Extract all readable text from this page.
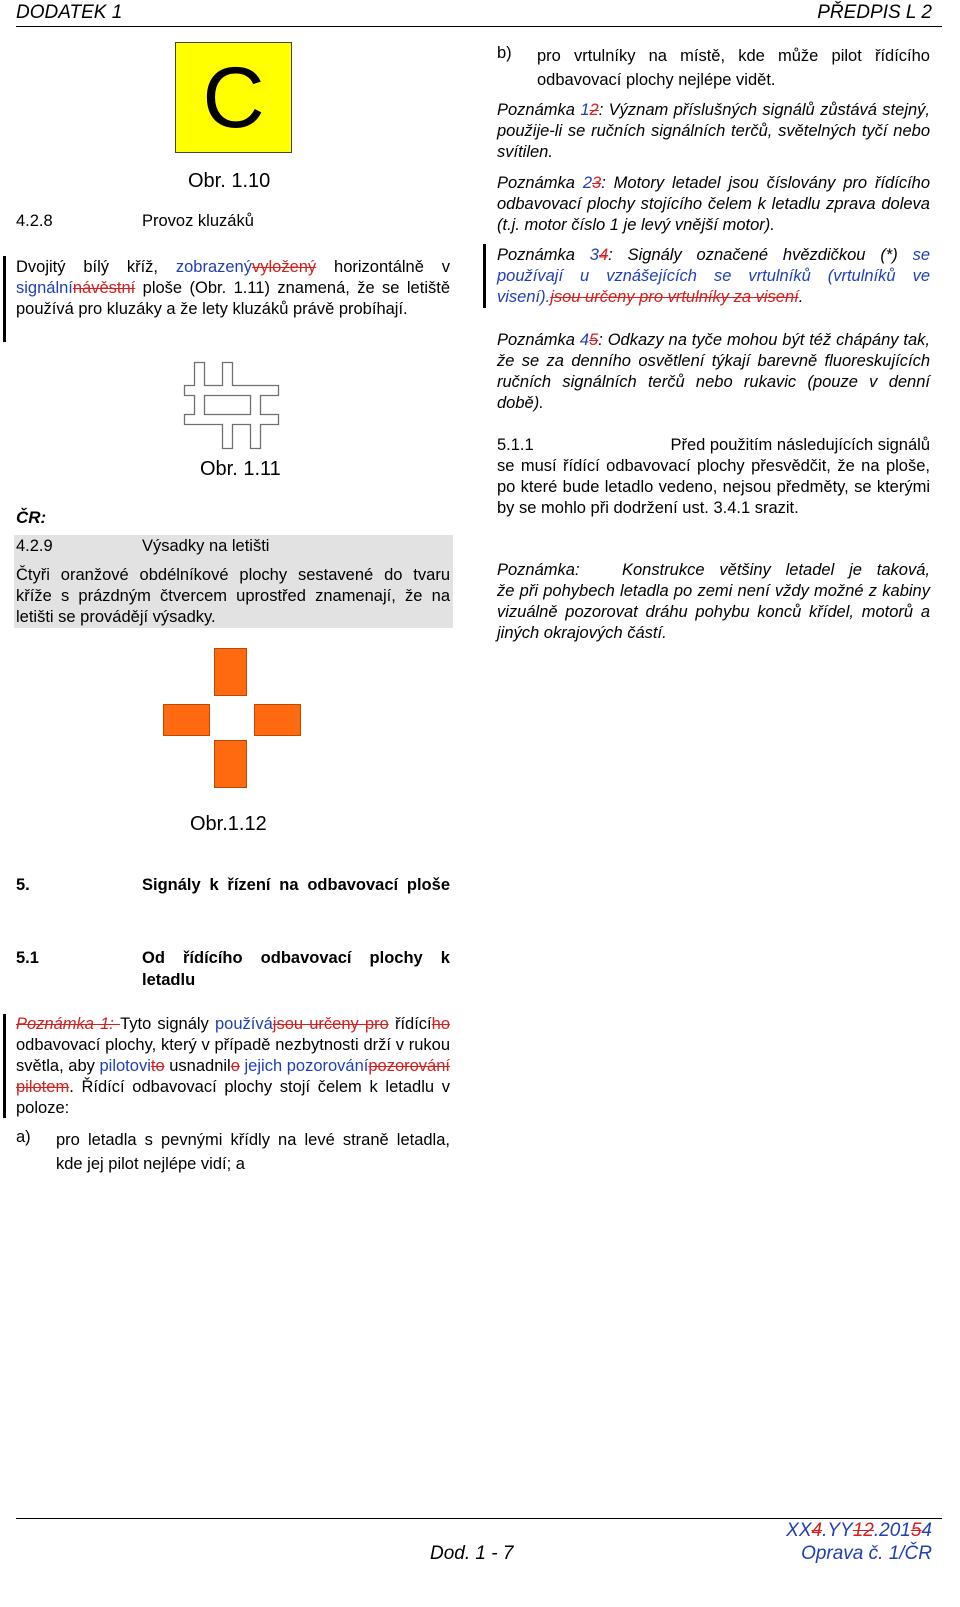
DODATEK 1	PŘEDPIS L 2
C
Obr. 1.10
4.2.8	Provoz kluzáků
Dvojitý bílý kříž, zobrazenývyložený horizontálně v signálnínávěstní ploše (Obr. 1.11) znamená, že se letiště používá pro kluzáky a že lety kluzáků právě probíhají.
Obr. 1.11
ČR:
4.2.9	Výsadky na letišti
Čtyři oranžové obdélníkové plochy sestavené do tvaru kříže s prázdným čtvercem uprostřed znamenají, že na letišti se provádějí výsadky.
Obr.1.12
5.	Signály k řízení na odbavovací ploše
5.1	Od řídícího odbavovací plochy k letadlu
Poznámka 1: Tyto signály používájsou určeny pro řídícího odbavovací plochy, který v případě nezbytnosti drží v rukou světla, aby pilotovito usnadnilo jejich pozorovánípozorování pilotem. Řídící odbavovací plochy stojí čelem k letadlu v poloze:
a) pro letadla s pevnými křídly na levé straně letadla, kde jej pilot nejlépe vidí; a
b) pro vrtulníky na místě, kde může pilot řídícího odbavovací plochy nejlépe vidět.
Poznámka 12: Význam příslušných signálů zůstává stejný, použije-li se ručních signálních terčů, světelných tyčí nebo svítilen.
Poznámka 23: Motory letadel jsou číslovány pro řídícího odbavovací plochy stojícího čelem k letadlu zprava doleva (t.j. motor číslo 1 je levý vnější motor).
Poznámka 34: Signály označené hvězdičkou (*) se používají u vznášejících se vrtulníků (vrtulníků ve visení).jsou určeny pro vrtulníky za visení.
Poznámka 45: Odkazy na tyče mohou být též chápány tak, že se za denního osvětlení týkají barevně fluoreskujících ručních signálních terčů nebo rukavic (pouze v denní době).
5.1.1	Před použitím následujících signálů
se musí řídící odbavovací plochy přesvědčit, že na ploše, po které bude letadlo vedeno, nejsou předměty, se kterými by se mohlo při dodržení ust. 3.4.1 srazit.
Poznámka:	Konstrukce většiny letadel je taková,
že při pohybech letadla po zemi není vždy možné z kabiny vizuálně pozorovat dráhu pohybu konců křídel, motorů a jiných okrajových částí.
Dod. 1 - 7
XX4.YY12.20154
Oprava č. 1/ČR
